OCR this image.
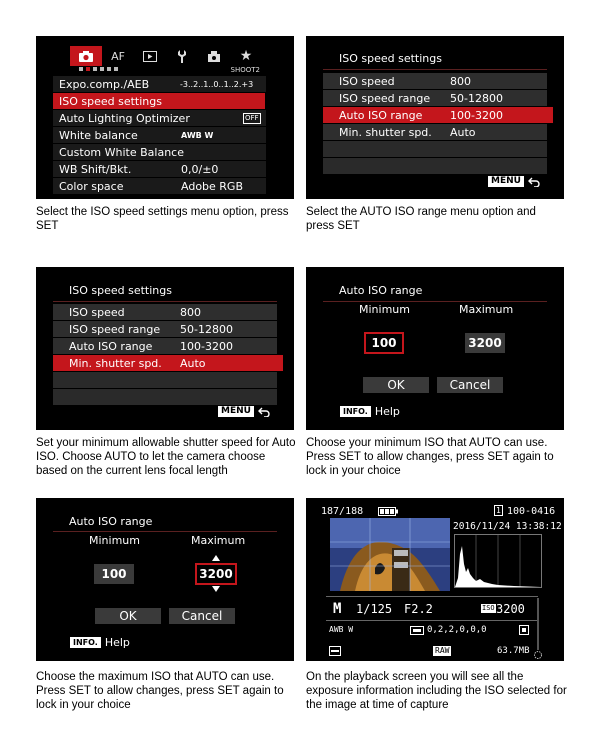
AF	★
SHOOT2
Expo.comp./AEB	-3..2..1..0..1..2.+3
ISO speed settings
Auto Lighting Optimizer	OFF
White balance	AWB W
Custom White Balance
WB Shift/Bkt.	0,0/±0
Color space	Adobe RGB
Select the ISO speed settings menu option, press SET
ISO speed settings
ISO speed	800
ISO speed range 50-12800
Auto ISO range	100-3200
Min. shutter spd. Auto
MENU
Select the AUTO ISO range menu option and press SET
ISO speed settings
ISO speed	800
ISO speed range 50-12800
Auto ISO range	100-3200
Min. shutter spd. Auto
MENU
Set your minimum allowable shutter speed for Auto ISO. Choose AUTO to let the camera choose based on the current lens focal length
Auto ISO range
Minimum	Maximum
100	3200
OK	Cancel
INFO. Help
Choose your minimum ISO that AUTO can use. Press SET to allow changes, press SET again to lock in your choice
Auto ISO range
Minimum	Maximum
100	3200
OK	Cancel
INFO. Help
Choose the maximum ISO that AUTO can use. Press SET to allow changes, press SET again to lock in your choice
187/188	1 100-0416
2016/11/24 13:38:12
M 1/125 F2.2	ISO 3200
AWB W	0,2,2,0,0,0
RAW	63.7MB
On the playback screen you will see all the exposure information including the ISO selected for the image at time of capture
